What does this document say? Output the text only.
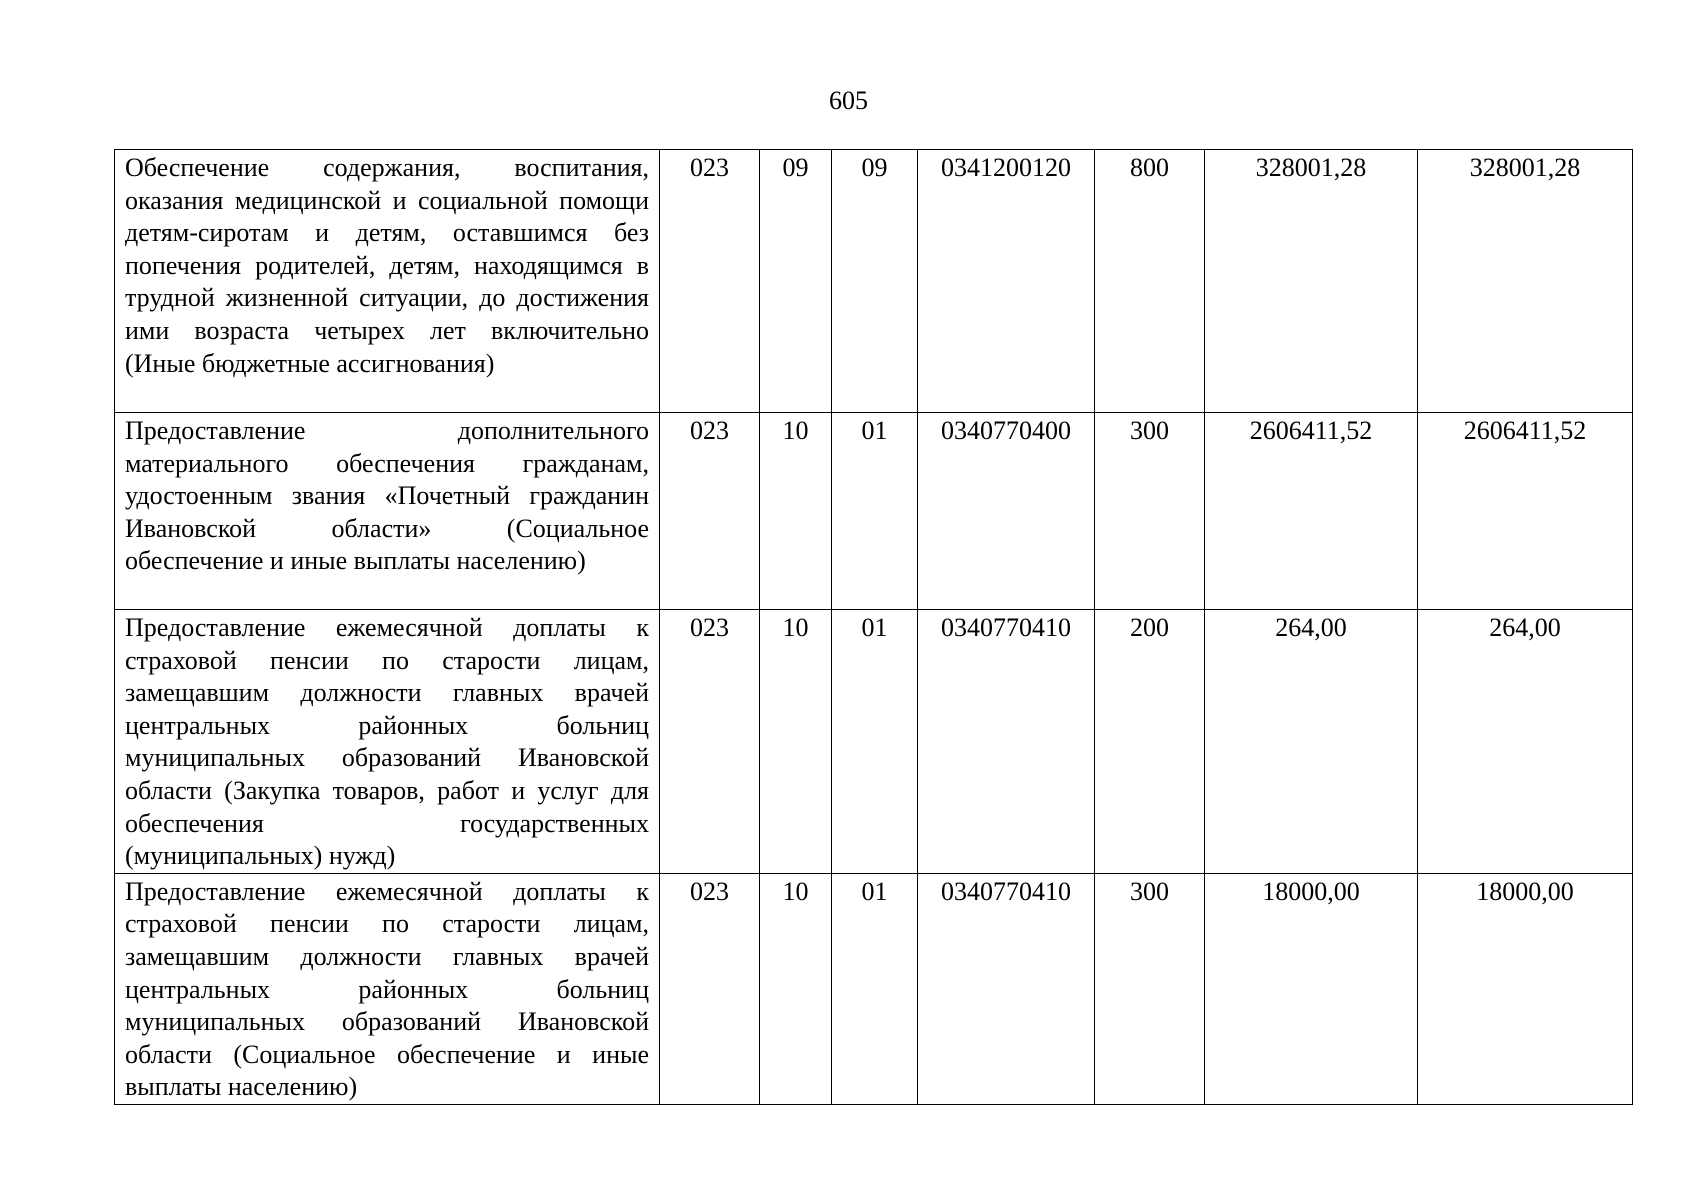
605
Обеспечение содержания, воспитания, оказания медицинской и социальной помощи детям-сиротам и детям, оставшимся без попечения родителей, детям, находящимся в трудной жизненной ситуации, до достижения ими возраста четырех лет включительно (Иные бюджетные ассигнования)	023	09	09	0341200120	800	328001,28	328001,28
Предоставление дополнительного материального обеспечения гражданам, удостоенным звания «Почетный гражданин Ивановской области» (Социальное обеспечение и иные выплаты населению)	023	10	01	0340770400	300	2606411,52	2606411,52
Предоставление ежемесячной доплаты к страховой пенсии по старости лицам, замещавшим должности главных врачей центральных районных больниц муниципальных образований Ивановской области (Закупка товаров, работ и услуг для обеспечения государственных (муниципальных) нужд)	023	10	01	0340770410	200	264,00	264,00
Предоставление ежемесячной доплаты к страховой пенсии по старости лицам, замещавшим должности главных врачей центральных районных больниц муниципальных образований Ивановской области (Социальное обеспечение и иные выплаты населению)	023	10	01	0340770410	300	18000,00	18000,00
